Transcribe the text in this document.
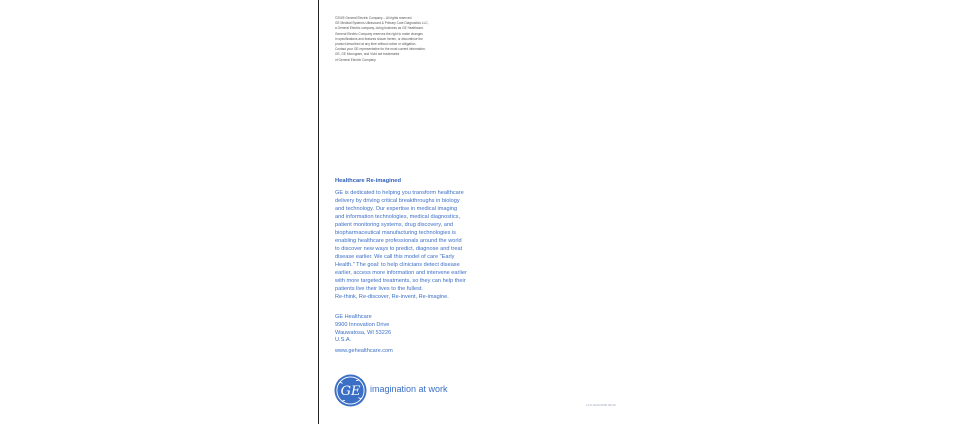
©2009 General Electric Company – All rights reserved.
GE Medical Systems Ultrasound & Primary Care Diagnostics LLC,
a General Electric company, doing business as GE Healthcare.
General Electric Company reserves the right to make changes
in specifications and features shown herein, or discontinue the
product described at any time without notice or obligation.
Contact your GE representative for the most current information.
GE, GE Monogram, and Vivid are trademarks
of General Electric Company.
Healthcare Re-imagined
GE is dedicated to helping you transform healthcare
delivery by driving critical breakthroughs in biology
and technology. Our expertise in medical imaging
and information technologies, medical diagnostics,
patient monitoring systems, drug discovery, and
biopharmaceutical manufacturing technologies is
enabling healthcare professionals around the world
to discover new ways to predict, diagnose and treat
disease earlier. We call this model of care "Early
Health." The goal: to help clinicians detect disease
earlier, access more information and intervene earlier
with more targeted treatments, so they can help their
patients live their lives to the fullest.
Re-think, Re-discover, Re-invent, Re-imagine.
GE Healthcare
9900 Innovation Drive
Wauwatosa, WI 53226
U.S.A.
www.gehealthcare.com
GE imagination at work
LCS-4446-0000 09-09
